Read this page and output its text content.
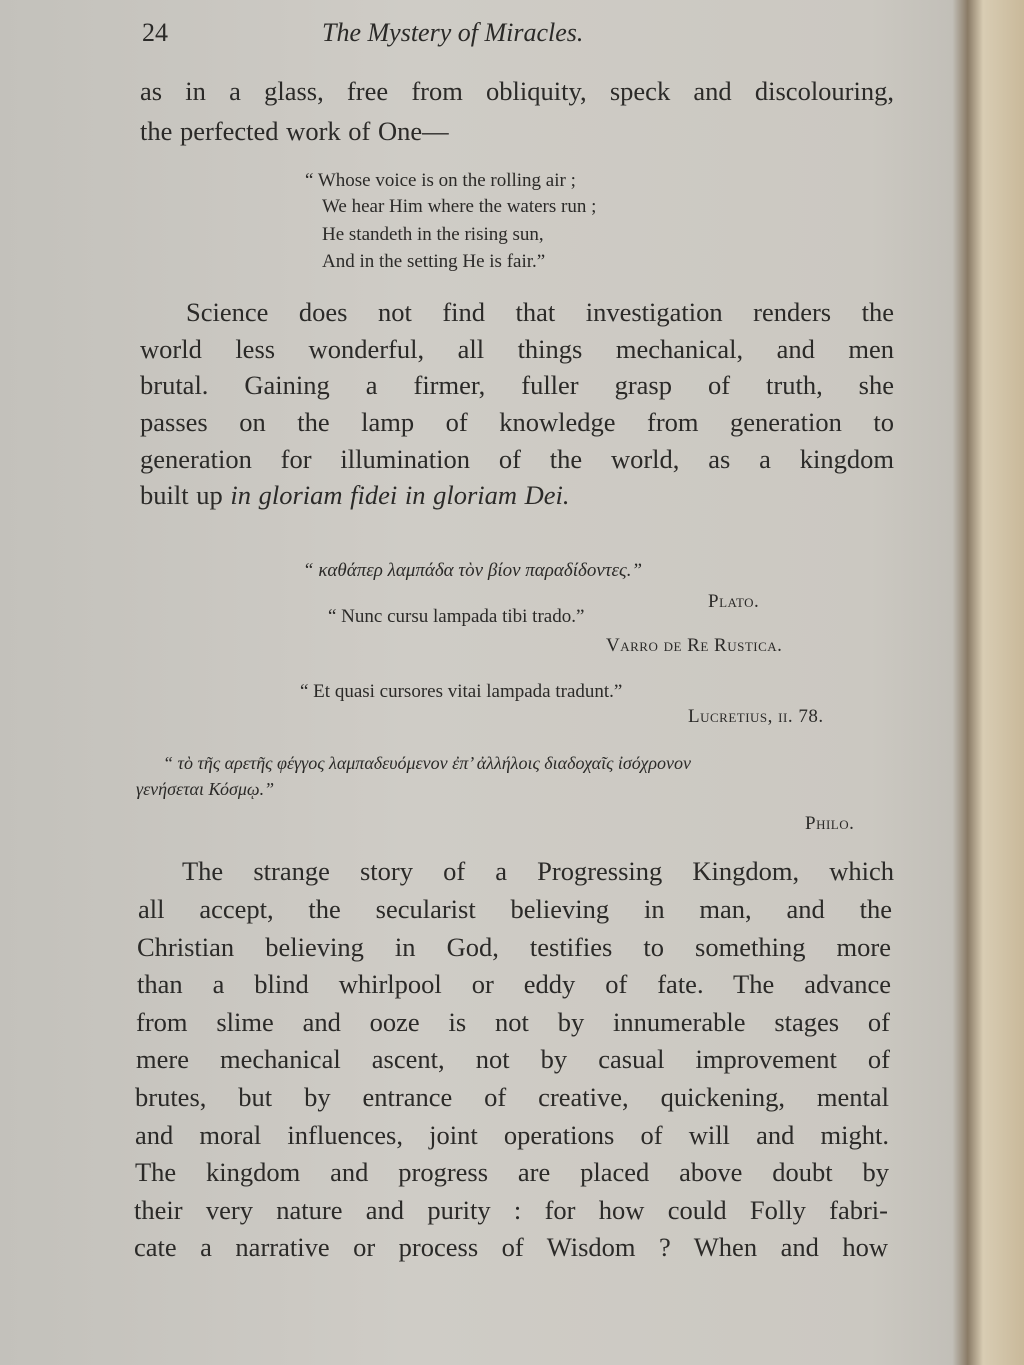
24	The Mystery of Miracles.
as in a glass, free from obliquity, speck and discolouring,
the perfected work of One—
“ Whose voice is on the rolling air ;
We hear Him where the waters run ;
He standeth in the rising sun,
And in the setting He is fair.”
Science does not find that investigation renders the
world less wonderful, all things mechanical, and men
brutal. Gaining a firmer, fuller grasp of truth, she
passes on the lamp of knowledge from generation to
generation for illumination of the world, as a kingdom
built up in gloriam fidei in gloriam Dei.
“ καθάπερ λαμπάδα τὸν βίον παραδίδοντες.”
Plato.
“ Nunc cursu lampada tibi trado.”
Varro de Re Rustica.
“ Et quasi cursores vitai lampada tradunt.”
Lucretius, ii. 78.
“ τὸ τῆς αρετῆς φέγγος λαμπαδευόμενον ἐπ’ ἀλλήλοις διαδοχαῖς ἰσόχρονον
γενήσεται Κόσμῳ.”
Philo.
The strange story of a Progressing Kingdom, which
all accept, the secularist believing in man, and the
Christian believing in God, testifies to something more
than a blind whirlpool or eddy of fate. The advance
from slime and ooze is not by innumerable stages of
mere mechanical ascent, not by casual improvement of
brutes, but by entrance of creative, quickening, mental
and moral influences, joint operations of will and might.
The kingdom and progress are placed above doubt by
their very nature and purity : for how could Folly fabri-
cate a narrative or process of Wisdom ? When and how
